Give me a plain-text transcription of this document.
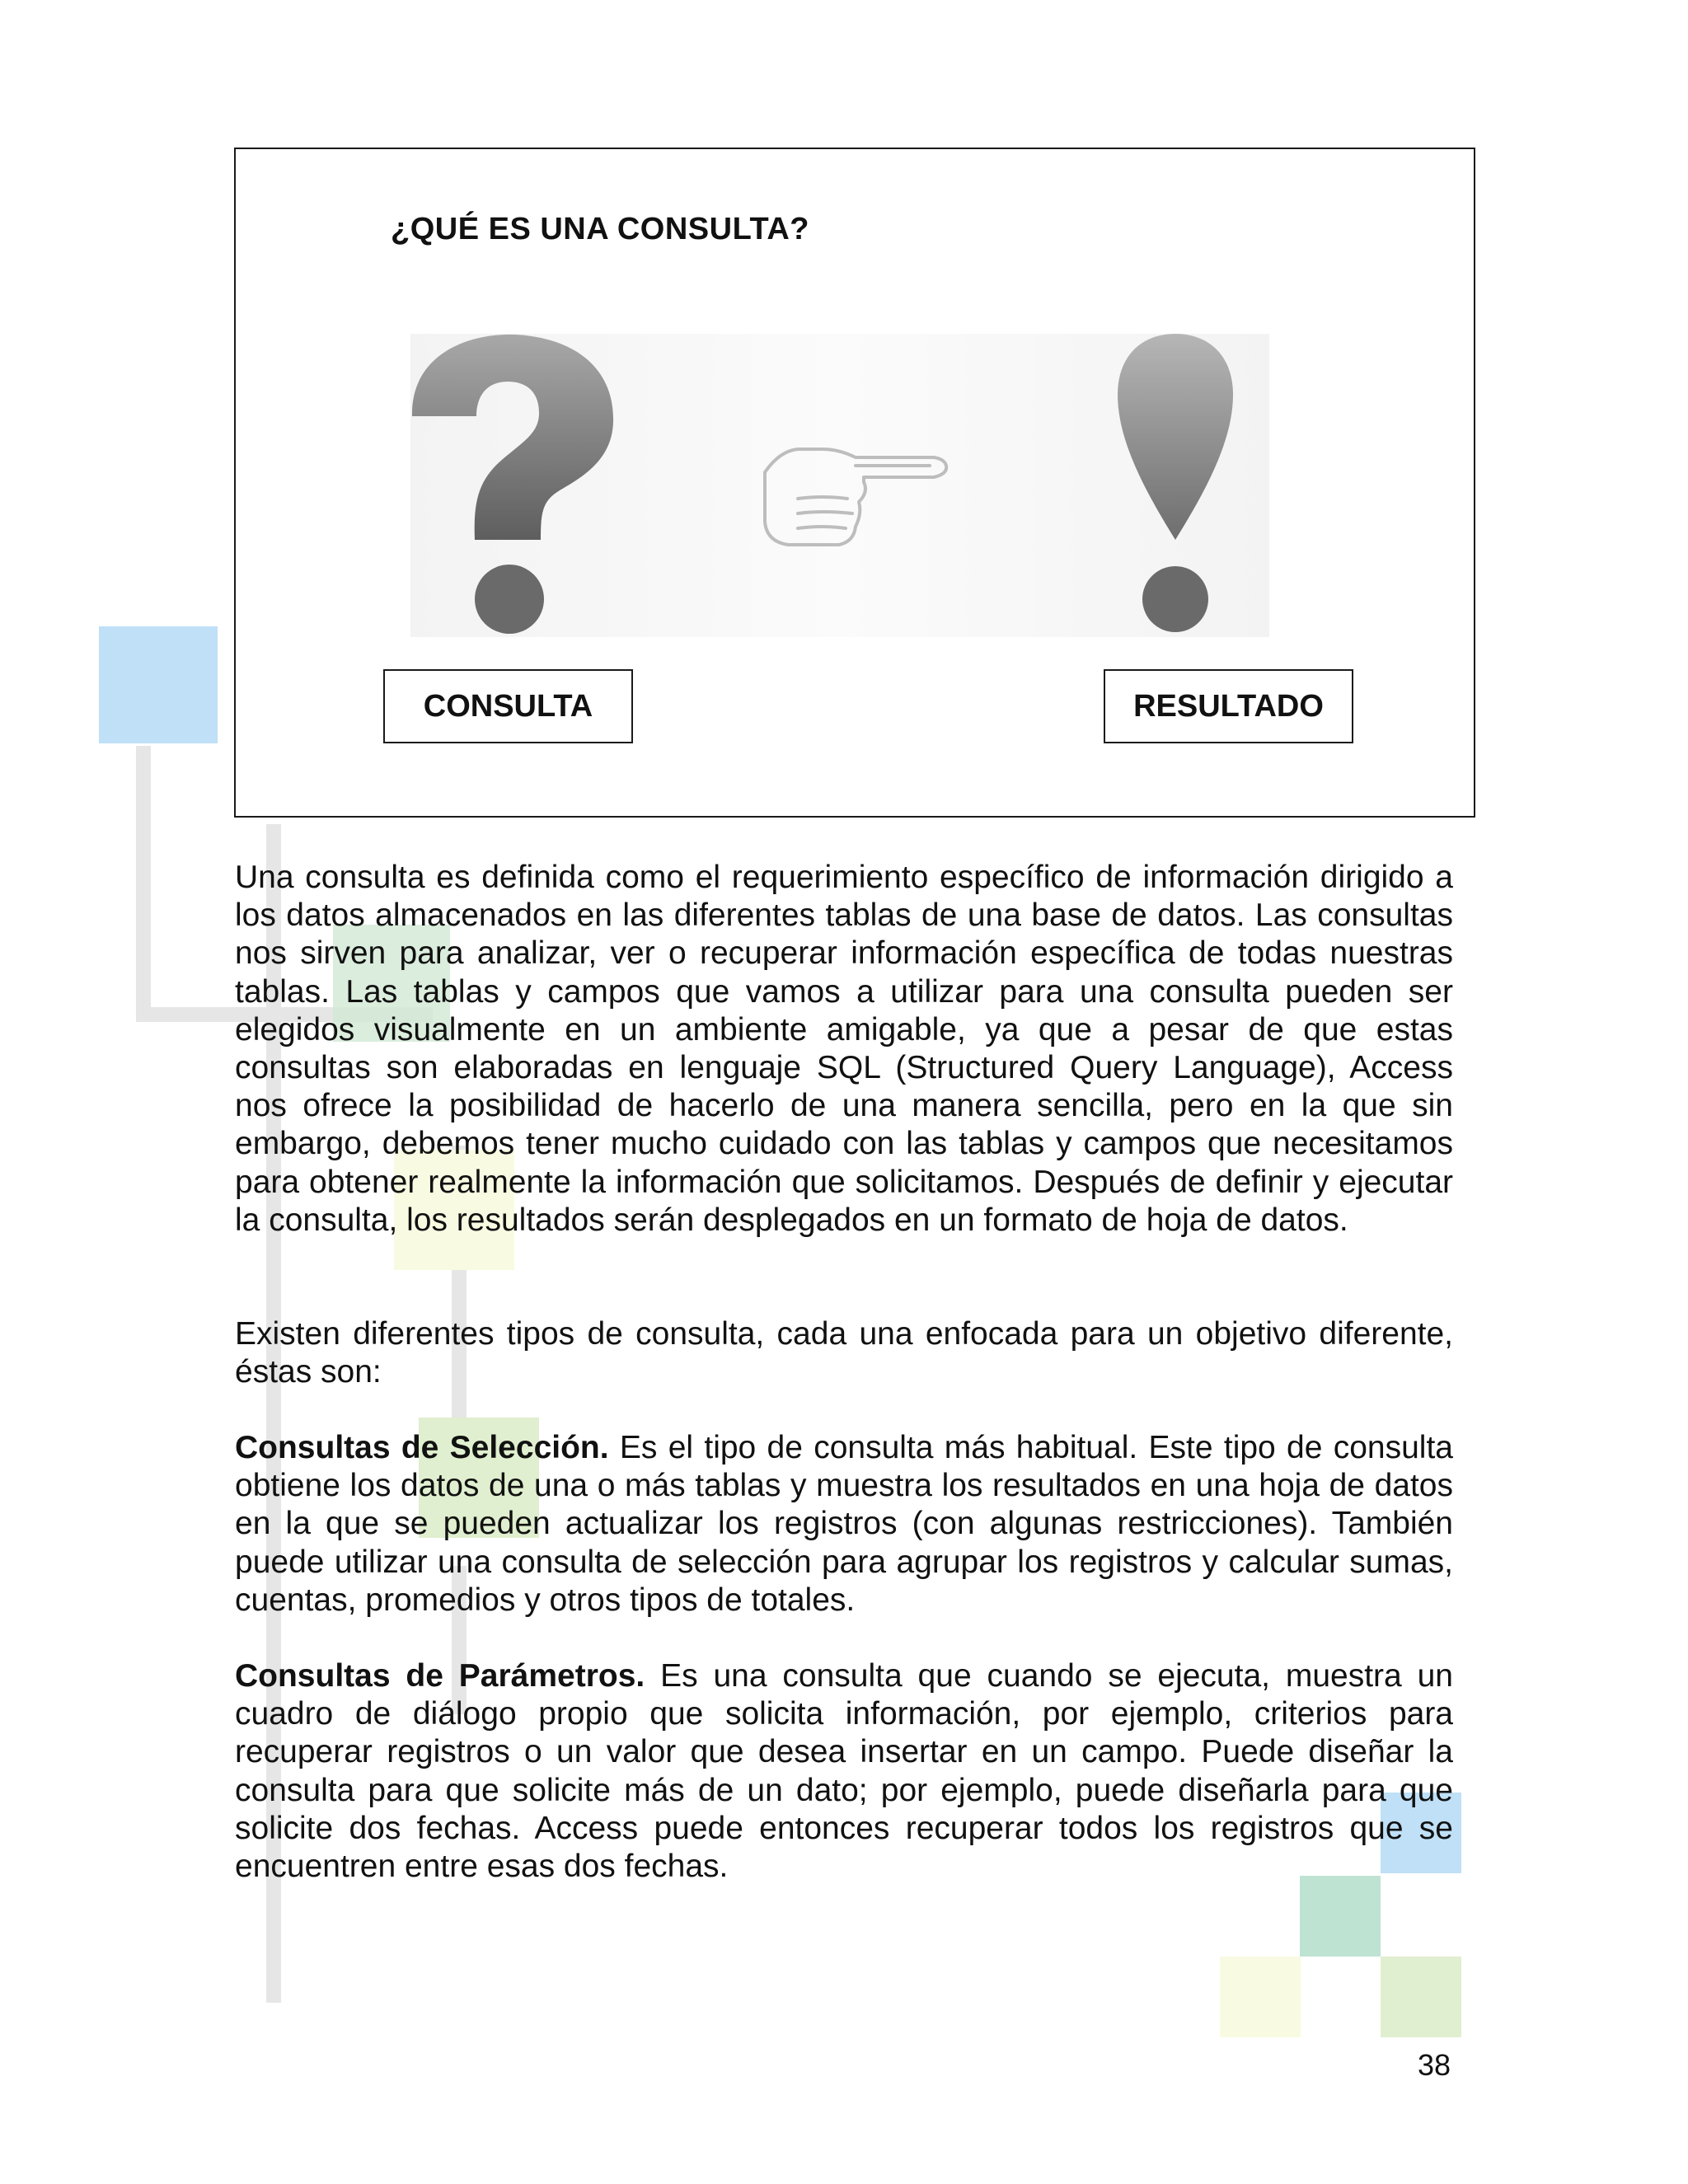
¿QUÉ ES UNA CONSULTA?
CONSULTA	RESULTADO

Una consulta es definida como el requerimiento específico de información dirigido a los datos almacenados en las diferentes tablas de una base de datos. Las consultas nos sirven para analizar, ver o recuperar información específica de todas nuestras tablas. Las tablas y campos que vamos a utilizar para una consulta pueden ser elegidos visualmente en un ambiente amigable, ya que a pesar de que estas consultas son elaboradas en lenguaje SQL (Structured Query Language), Access nos ofrece la posibilidad de hacerlo de una manera sencilla, pero en la que sin embargo, debemos tener mucho cuidado con las tablas y campos que necesitamos para obtener realmente la información que solicitamos. Después de definir y ejecutar la consulta, los resultados serán desplegados en un formato de hoja de datos.

Existen diferentes tipos de consulta, cada una enfocada para un objetivo diferente, éstas son:

Consultas de Selección. Es el tipo de consulta más habitual. Este tipo de consulta obtiene los datos de una o más tablas y muestra los resultados en una hoja de datos en la que se pueden actualizar los registros (con algunas restricciones). También puede utilizar una consulta de selección para agrupar los registros y calcular sumas, cuentas, promedios y otros tipos de totales.

Consultas de Parámetros. Es una consulta que cuando se ejecuta, muestra un cuadro de diálogo propio que solicita información, por ejemplo, criterios para recuperar registros o un valor que desea insertar en un campo. Puede diseñar la consulta para que solicite más de un dato; por ejemplo, puede diseñarla para que solicite dos fechas. Access puede entonces recuperar todos los registros que se encuentren entre esas dos fechas.

38
